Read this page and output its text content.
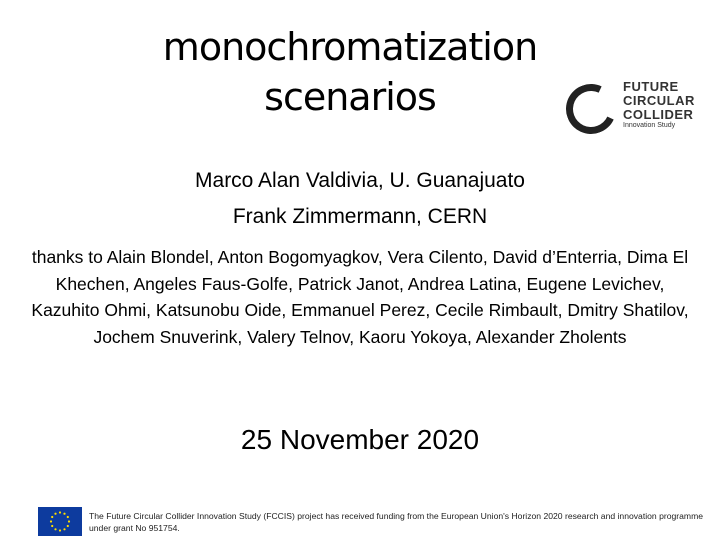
monochromatization
scenarios	FUTURE
CIRCULAR
COLLIDER
Innovation Study
Marco Alan Valdivia, U. Guanajuato
Frank Zimmermann, CERN
thanks to Alain Blondel, Anton Bogomyagkov, Vera Cilento, David d’Enterria, Dima El Khechen, Angeles Faus-Golfe, Patrick Janot, Andrea Latina, Eugene Levichev, Kazuhito Ohmi, Katsunobu Oide, Emmanuel Perez, Cecile Rimbault, Dmitry Shatilov, Jochem Snuverink, Valery Telnov, Kaoru Yokoya, Alexander Zholents
25 November 2020
The Future Circular Collider Innovation Study (FCCIS) project has received funding from the European Union's Horizon 2020 research and innovation programme under grant No 951754.
